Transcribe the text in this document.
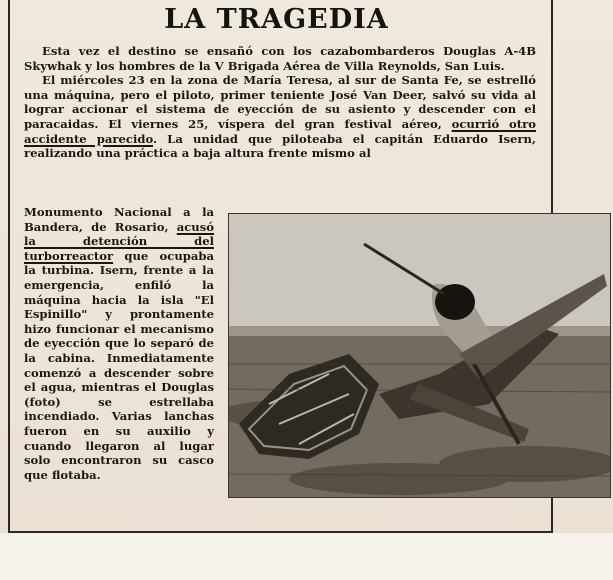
LA TRAGEDIA

Esta vez el destino se ensañó con los cazabombarderos Douglas A-4B Skywhak y los hombres de la V Brigada Aérea de Villa Reynolds, San Luis.

El miércoles 23 en la zona de María Teresa, al sur de Santa Fe, se estrelló una máquina, pero el piloto, primer teniente José Van Deer, salvó su vida al lograr accionar el sistema de eyección de su asiento y descender con el paracaidas. El viernes 25, víspera del gran festival aéreo, ocurrió otro accidente parecido. La unidad que piloteaba el capitán Eduardo Isern, realizando una práctica a baja altura frente mismo al

Monumento Nacional a la Bandera, de Rosario, acusó la detención del turborreactor que ocupaba la turbina. Isern, frente a la emergencia, enfiló la máquina hacia la isla "El Espinillo" y prontamente hizo funcionar el mecanismo de eyección que lo separó de la cabina. Inmediatamente comenzó a descender sobre el agua, mientras el Douglas (foto) se estrellaba incendiado. Varias lanchas fueron en su auxilio y cuando llegaron al lugar solo encontraron su casco que flotaba.
